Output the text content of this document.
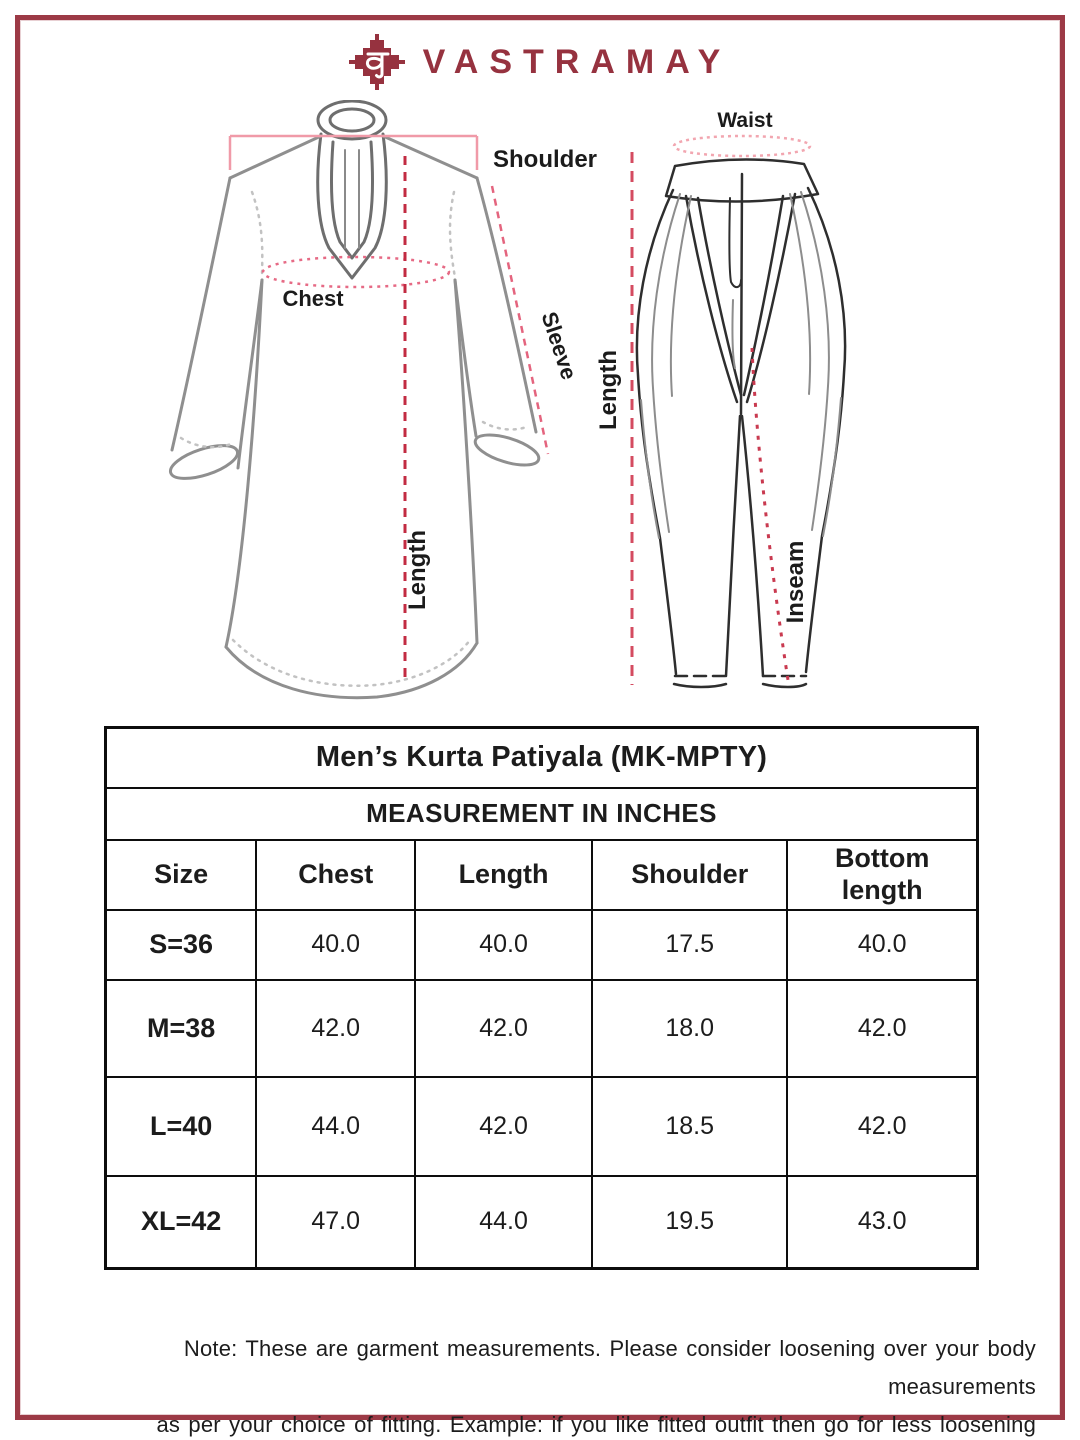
VASTRAMAY
Shoulder
Chest
Sleeve
Length
Waist
Length
Inseam
Men’s Kurta Patiyala (MK-MPTY)				
MEASUREMENT IN INCHES				
Size	Chest	Length	Shoulder	Bottom length
S=36	40.0	40.0	17.5	40.0
M=38	42.0	42.0	18.0	42.0
L=40	44.0	42.0	18.5	42.0
XL=42	47.0	44.0	19.5	43.0
Note: These are garment measurements. Please consider loosening over your body measurements
as per your choice of fitting. Example: if you like fitted outfit then go for less loosening
